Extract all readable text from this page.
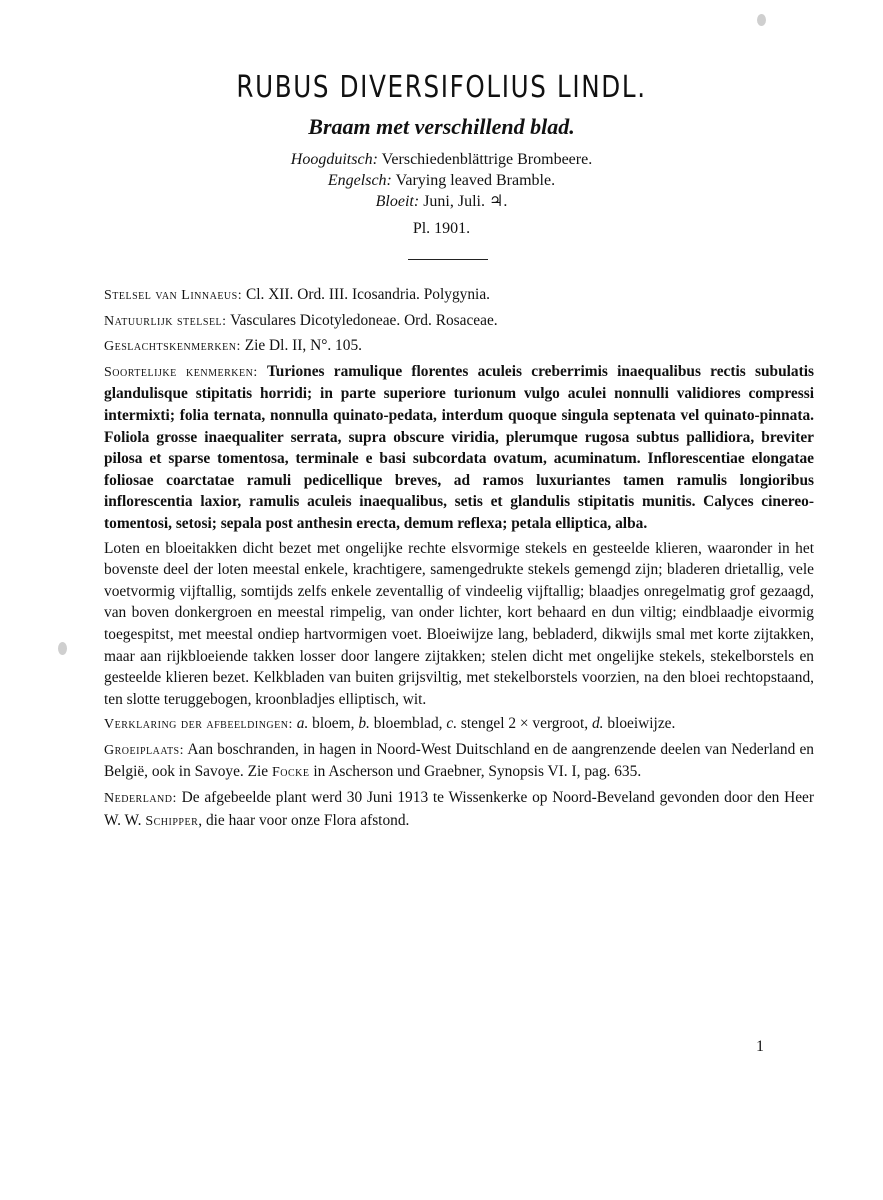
RUBUS DIVERSIFOLIUS LINDL.
Braam met verschillend blad.
Hoogduitsch: Verschiedenblättrige Brombeere.
Engelsch: Varying leaved Bramble.
Bloeit: Juni, Juli. ♃.
Pl. 1901.

Stelsel van Linnaeus: Cl. XII. Ord. III. Icosandria. Polygynia.

Natuurlijk stelsel: Vasculares Dicotyledoneae. Ord. Rosaceae.

Geslachtskenmerken: Zie Dl. II, N°. 105.

Soortelijke kenmerken: Turiones ramulique florentes aculeis creberrimis inaequalibus rectis subulatis glandulisque stipitatis horridi; in parte superiore turionum vulgo aculei nonnulli validiores compressi intermixti; folia ternata, nonnulla quinato-pedata, interdum quoque singula septenata vel quinato-pinnata. Foliola grosse inaequaliter serrata, supra obscure viridia, plerumque rugosa subtus pallidiora, breviter pilosa et sparse tomentosa, terminale e basi subcordata ovatum, acuminatum. Inflorescentiae elongatae foliosae coarctatae ramuli pedicellique breves, ad ramos luxuriantes tamen ramulis longioribus inflorescentia laxior, ramulis aculeis inaequalibus, setis et glandulis stipitatis munitis. Calyces cinereo-tomentosi, setosi; sepala post anthesin erecta, demum reflexa; petala elliptica, alba.

Loten en bloeitakken dicht bezet met ongelijke rechte elsvormige stekels en gesteelde klieren, waaronder in het bovenste deel der loten meestal enkele, krachtigere, samengedrukte stekels gemengd zijn; bladeren drietallig, vele voetvormig vijftallig, somtijds zelfs enkele zeventallig of vindeelig vijftallig; blaadjes onregelmatig grof gezaagd, van boven donkergroen en meestal rimpelig, van onder lichter, kort behaard en dun viltig; eindblaadje eivormig toegespitst, met meestal ondiep hartvormigen voet. Bloeiwijze lang, bebladerd, dikwijls smal met korte zijtakken, maar aan rijkbloeiende takken losser door langere zijtakken; stelen dicht met ongelijke stekels, stekelborstels en gesteelde klieren bezet. Kelkbladen van buiten grijsviltig, met stekelborstels voorzien, na den bloei rechtopstaand, ten slotte teruggebogen, kroonbladjes elliptisch, wit.

Verklaring der afbeeldingen: a. bloem, b. bloemblad, c. stengel 2 × vergroot, d. bloeiwijze.

Groeiplaats: Aan boschranden, in hagen in Noord-West Duitschland en de aangrenzende deelen van Nederland en België, ook in Savoye. Zie Focke in Ascherson und Graebner, Synopsis VI. I, pag. 635.

Nederland: De afgebeelde plant werd 30 Juni 1913 te Wissenkerke op Noord-Beveland gevonden door den Heer W. W. Schipper, die haar voor onze Flora afstond.

1
